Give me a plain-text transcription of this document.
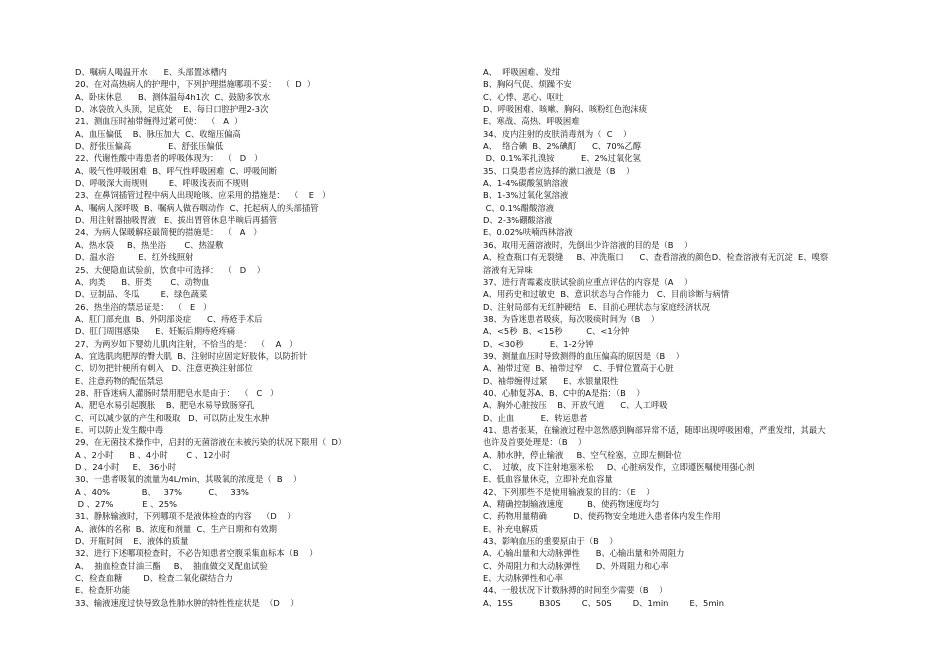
D、嘱病人喝温开水      E、头部置冰槽内
20、在对高热病人的护理中，下列护理措施哪项不妥：  （  D  ）
A、卧床休息      B、测体温每4h1次  C、鼓励多饮水
D、冰袋放入头顶，足底处    E、每日口腔护理2-3次
21、测血压时袖带缠得过紧可使：  （   A  ）
A、血压偏低    B、脉压加大  C、收缩压偏高
D、舒张压偏高              E、舒张压偏低
22、代谢性酸中毒患者的呼吸体现为：  （   D   ）
A、吸气性呼吸困难  B、呼气性呼吸困难  C、呼吸间断
D、呼吸深大而规则        E、呼吸浅表而不规则
23、在鼻饲插管过程中病人出现呛咳、应采用的措施是：  （    E   ）
A、嘱病人深呼吸  B、嘱病人做吞咽动作  C、托起病人的头部插管
D、用注射器抽吸胃液   E、拔出胃管休息半晌后再插管
24、为病人保暖解痉最简便的措施是：  （   A   ）
A、热水袋     B、热坐浴       C、热湿敷
D、温水浴         E、红外线照射
25、大便隐血试验前，饮食中可选择：  （   D    ）
A、肉类      B、肝类       C、动物血
D、豆制品、冬瓜        E、绿色蔬菜
26、热坐浴的禁忌证是：  （   E   ）
A、肛门部充血  B、外阴部炎症      C、痔疮手术后
D、肛门周围感染      E、妊娠后期痔疮疼痛
27、为两岁如下婴幼儿肌肉注射，不恰当的是：  （    A   ）
A、宜选肌肉肥厚的臀大肌  B、注射时应固定好肢体，以防折针
C、切勿把针梗所有刺入   D、注意更换注射部位
E、注意药物的配伍禁忌
28、肝昏迷病人灌肠时禁用肥皂水是由于：  （   C   ）
A、肥皂水易引起腹胀    B、肥皂水易导致肠穿孔
C、可以减少氨的产生和吸取   D、可以防止发生水肿
E、可以防止发生酸中毒
29、在无菌技术操作中，启封的无菌溶液在未被污染的状况下限用（  D）
A 、2小时      B 、4小时       C 、12小时
D 、24小时     E、 36小时
30、一患者吸氧的流量为4L/min，其吸氧的浓度是（  B    ）
A 、40%            B、   37%          C、   33%
D 、27%           E 、25%
31、静脉输液时，下列哪项不是液体检查的内容    （D    ）
A、液体的名称  B、浓度和剂量  C、生产日期和有效期
D、开瓶时间    E、液体的质量
32、进行下述哪项检查时，不必告知患者空腹采集血标本（B    ）
A、  抽血检查甘油三酯     B、  抽血做交叉配血试验
C、检查血糖        D、检查二氧化碳结合力
E、检查肝功能
33、输液速度过快导致急性肺水肿的特性性症状是  （D    ）
A、  呼吸困难、发绀
B、胸闷气促、烦躁不安
C、心悸、恶心、呕吐
D、呼吸困难、咳嗽、胸闷、咳粉红色泡沫痰
E、寒战、高热、呼吸困难
34、皮内注射的皮肤消毒剂为（  C    ）
A、  络合碘  B、2%碘酊      C、70%乙醇
D、0.1%苯扎溴铵          E、2%过氧化氢
35、口臭患者应选择的漱口液是（B    ）
A、1-4%碳酸氢钠溶液
B、1-3%过氧化氢溶液
C、0.1%醋酸溶液
D、2-3%硼酸溶液
E、0.02%呋喃西林溶液
36、取用无菌溶液时，先倒出少许溶液的目的是（B    ）
A、检查瓶口有无裂缝     B、冲洗瓶口      C、查看溶液的颜色D、检查溶液有无沉淀  E、嗅察
溶液有无异味
37、进行青霉素皮肤试验前应重点评估的内容是（A    ）
A、用药史和过敏史  B、意识状态与合作能力   C、目前诊断与病情
D、注射局部有无红肿硬结   E、目前心理状态与家庭经济状况
38、为昏迷患者吸痰，每次吸痰时间为（B    ）
A、<5秒  B、<15秒         C、<1分钟
D、<30秒          E、1-2分钟
39、测量血压时导致测得的血压偏高的原因是（B    ）
A、袖带过宽  B、袖带过窄    C、手臂位置高于心脏
D、袖带缠得过紧      E、水银量限性
40、心肺复苏A、B、C中的A是指：（B    ）
A、胸外心脏按压    B、开放气道      C、人工呼吸
D、止血          E、转运患者
41、患者张某，在输液过程中忽然感到胸部异常不适，随即出现呼吸困难，严重发绀，其最大
也许及首要处理是：（B    ）
A、肺水肿，停止输液     B、空气栓塞，立即左侧卧位
C、  过敏，皮下注射地塞米松     D、心脏病发作，立即遵医嘱使用强心剂
E、低血容量休克，立即补充血容量
42、下列那些不是使用输液泵的目的：（E    ）
A、精确控制输液速度         B、使药物速度均匀
C、药物用量精确          D、使药物安全地进入患者体内发生作用
E、补充电解质
43、影响血压的重要原由于（B    ）
A、心输出量和大动脉弹性      B、心输出量和外周阻力
C、外周阻力和大动脉弹性      D、外周阻力和心率
E、大动脉弹性和心率
44、一般状况下计数脉搏的时间至少需要（B    ）
A、15S          B30S        C、50S        D、1min        E、5min
